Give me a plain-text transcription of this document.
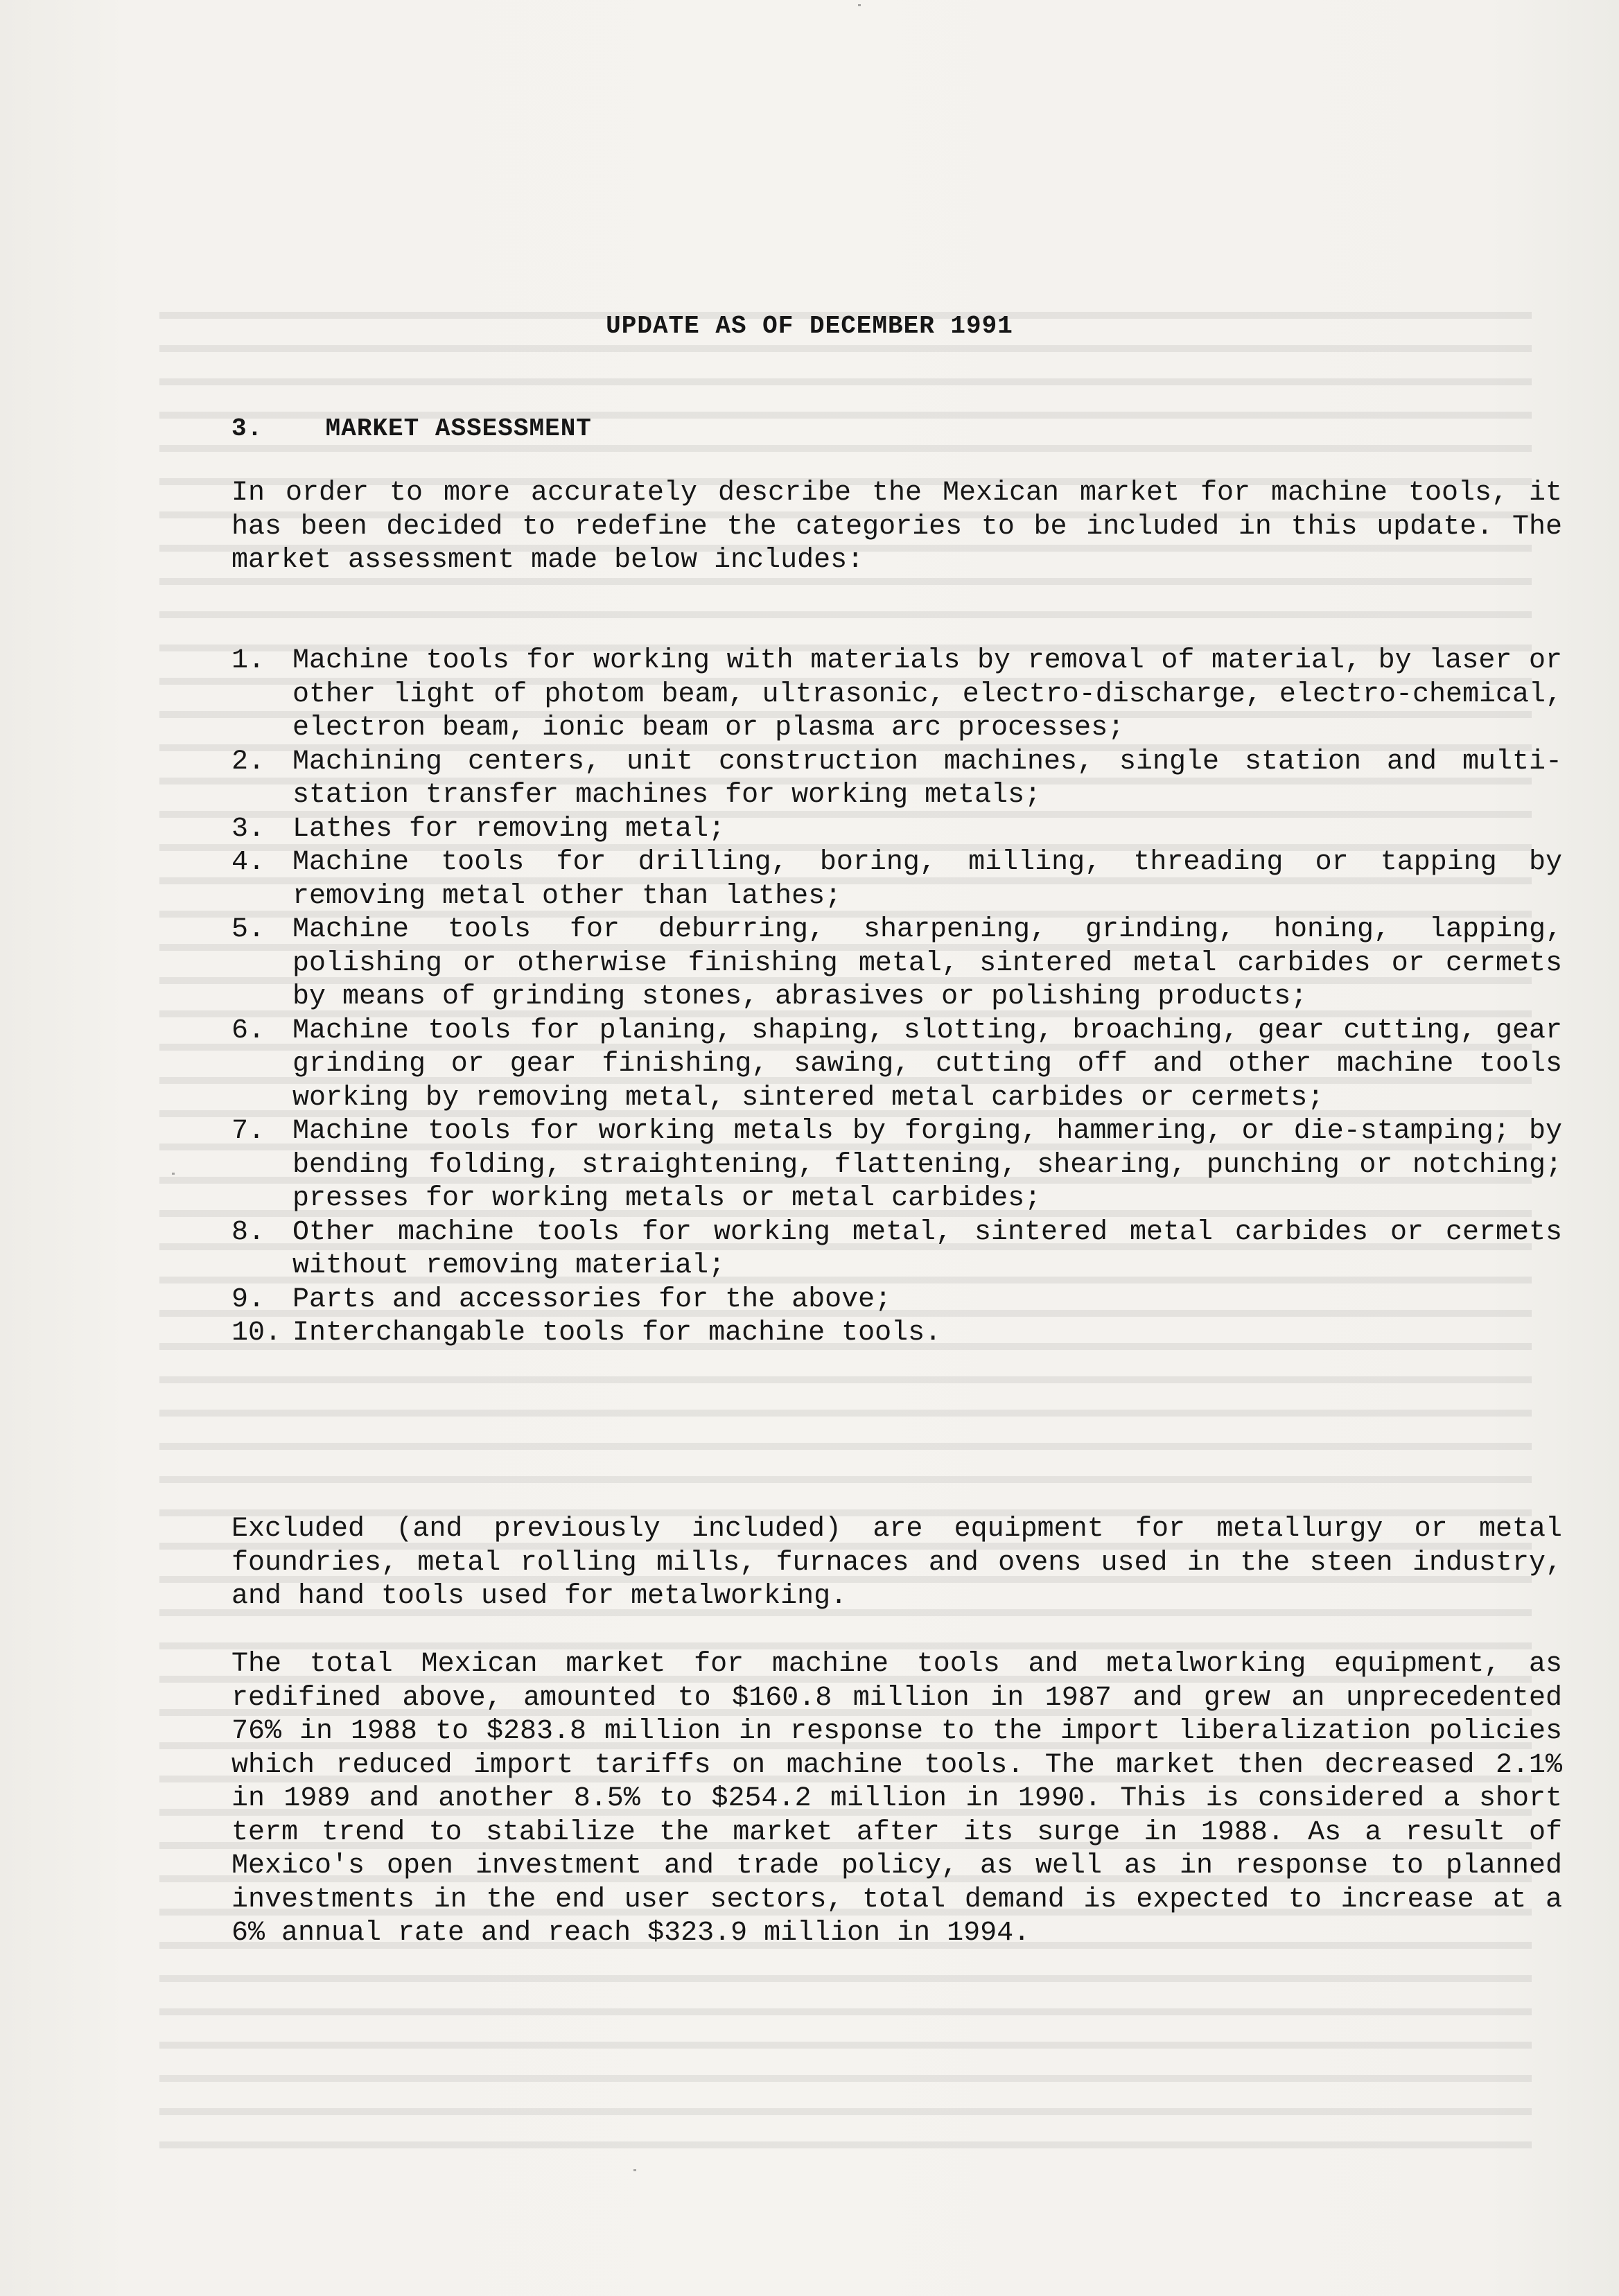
UPDATE AS OF DECEMBER 1991
3.	MARKET ASSESSMENT

In order to more accurately describe the Mexican market for machine tools, it has been decided to redefine the categories to be included in this update. The market assessment made below includes:

1. Machine tools for working with materials by removal of material, by laser or other light of photom beam, ultrasonic, electro-discharge, electro-chemical, electron beam, ionic beam or plasma arc processes;
2. Machining centers, unit construction machines, single station and multi-station transfer machines for working metals;
3. Lathes for removing metal;
4. Machine tools for drilling, boring, milling, threading or tapping by removing metal other than lathes;
5. Machine tools for deburring, sharpening, grinding, honing, lapping, polishing or otherwise finishing metal, sintered metal carbides or cermets by means of grinding stones, abrasives or polishing products;
6. Machine tools for planing, shaping, slotting, broaching, gear cutting, gear grinding or gear finishing, sawing, cutting off and other machine tools working by removing metal, sintered metal carbides or cermets;
7. Machine tools for working metals by forging, hammering, or die-stamping; by bending folding, straightening, flattening, shearing, punching or notching; presses for working metals or metal carbides;
8. Other machine tools for working metal, sintered metal carbides or cermets without removing material;
9. Parts and accessories for the above;
10. Interchangable tools for machine tools.

Excluded (and previously included) are equipment for metallurgy or metal foundries, metal rolling mills, furnaces and ovens used in the steen industry, and hand tools used for metalworking.

The total Mexican market for machine tools and metalworking equipment, as redifined above, amounted to $160.8 million in 1987 and grew an unprecedented 76% in 1988 to $283.8 million in response to the import liberalization policies which reduced import tariffs on machine tools. The market then decreased 2.1% in 1989 and another 8.5% to $254.2 million in 1990. This is considered a short term trend to stabilize the market after its surge in 1988. As a result of Mexico's open investment and trade policy, as well as in response to planned investments in the end user sectors, total demand is expected to increase at a 6% annual rate and reach $323.9 million in 1994.
